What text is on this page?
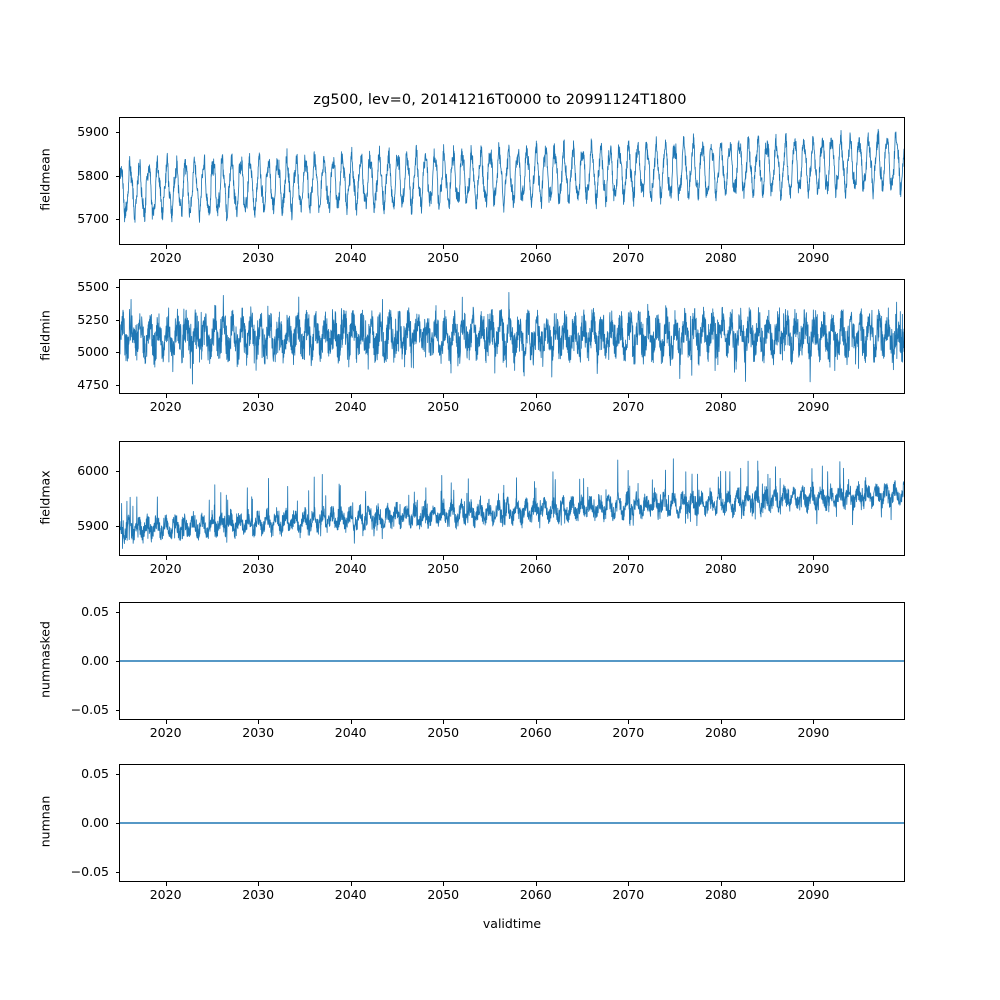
zg500, lev=0, 20141216T0000 to 20991124T1800
fieldmean
5700
5800
5900
2020	2030	2040	2050	2060	2070	2080	2090
fieldmin
4750
5000
5250
5500
2020	2030	2040	2050	2060	2070	2080	2090
fieldmax
5900
6000
2020	2030	2040	2050	2060	2070	2080	2090
nummasked
−0.05
0.00
0.05
2020	2030	2040	2050	2060	2070	2080	2090
numnan
−0.05
0.00
0.05
2020	2030	2040	2050	2060	2070	2080	2090
validtime
